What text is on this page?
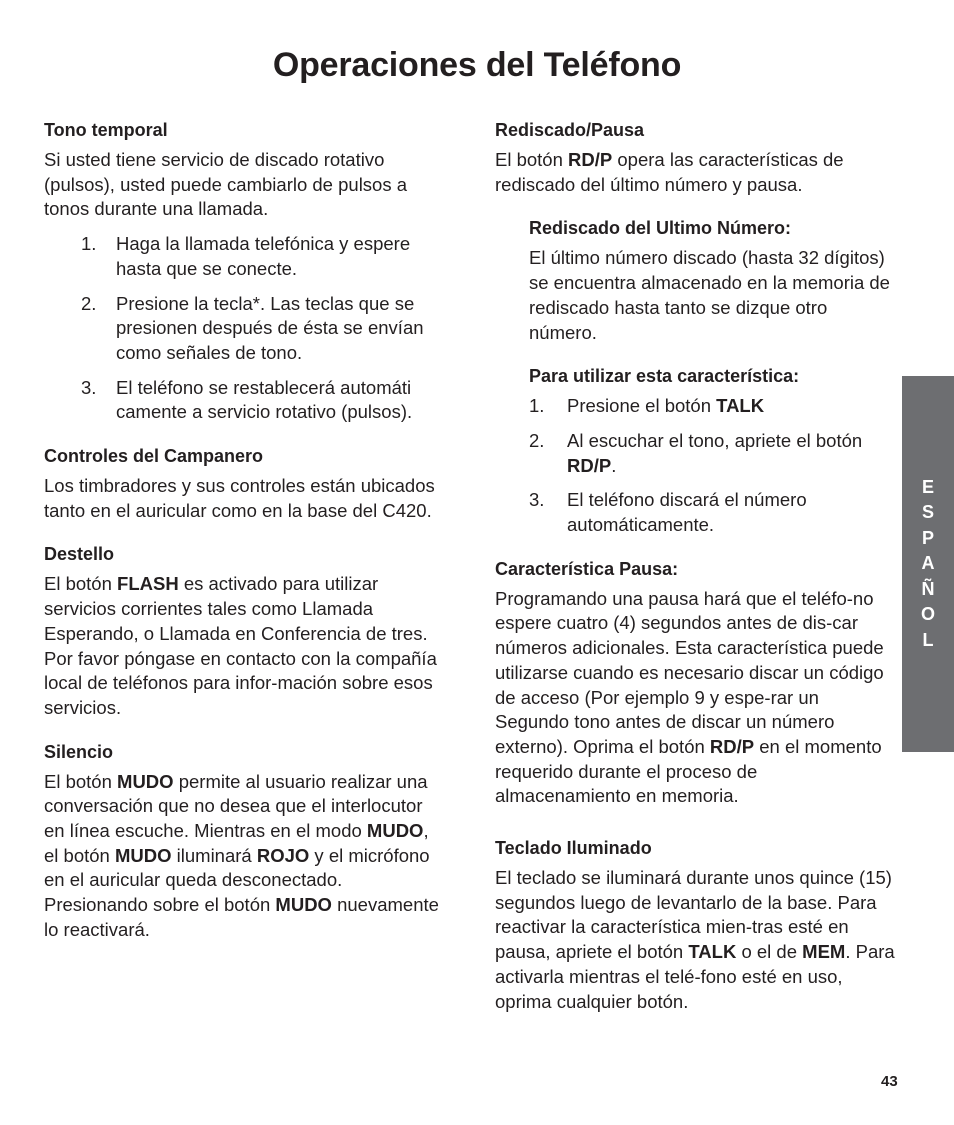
Operaciones del Teléfono
Tono temporal

Si usted tiene servicio de discado rotativo (pulsos), usted puede cambiarlo de pulsos a tonos durante una llamada.

1. Haga la llamada telefónica y espere hasta que se conecte.
2. Presione la tecla*. Las teclas que se presionen después de ésta se envían como señales de tono.
3. El teléfono se restablecerá automáti camente a servicio rotativo (pulsos).
Controles del Campanero

Los timbradores y sus controles están ubicados tanto en el auricular como en la base del C420.

Destello

El botón FLASH es activado para utilizar servicios corrientes tales como Llamada Esperando, o Llamada en Conferencia de tres. Por favor póngase en contacto con la compañía local de teléfonos para infor-mación sobre esos servicios.

Silencio

El botón MUDO permite al usuario realizar una conversación que no desea que el interlocutor en línea escuche. Mientras en el modo MUDO, el botón MUDO iluminará ROJO y el micrófono en el auricular queda desconectado. Presionando sobre el botón MUDO nuevamente lo reactivará.

Rediscado/Pausa

El botón RD/P opera las características de rediscado del último número y pausa.

Rediscado del Ultimo Número:

El último número discado (hasta 32 dígitos) se encuentra almacenado en la memoria de rediscado hasta tanto se dizque otro número.

Para utilizar esta característica:
1. Presione el botón TALK
2. Al escuchar el tono, apriete el botón RD/P.
3. El teléfono discará el número automáticamente.
Característica Pausa:

Programando una pausa hará que el teléfo-no espere cuatro (4) segundos antes de dis-car números adicionales. Esta característica puede utilizarse cuando es necesario discar un código de acceso (Por ejemplo 9 y espe-rar un Segundo tono antes de discar un número externo). Oprima el botón RD/P en el momento requerido durante el proceso de almacenamiento en memoria.

Teclado Iluminado

El teclado se iluminará durante unos quince (15) segundos luego de levantarlo de la base. Para reactivar la característica mien-tras esté en pausa, apriete el botón TALK o el de MEM. Para activarla mientras el telé-fono esté en uso, oprima cualquier botón.

E
S
P
A
Ñ
O
L
43
